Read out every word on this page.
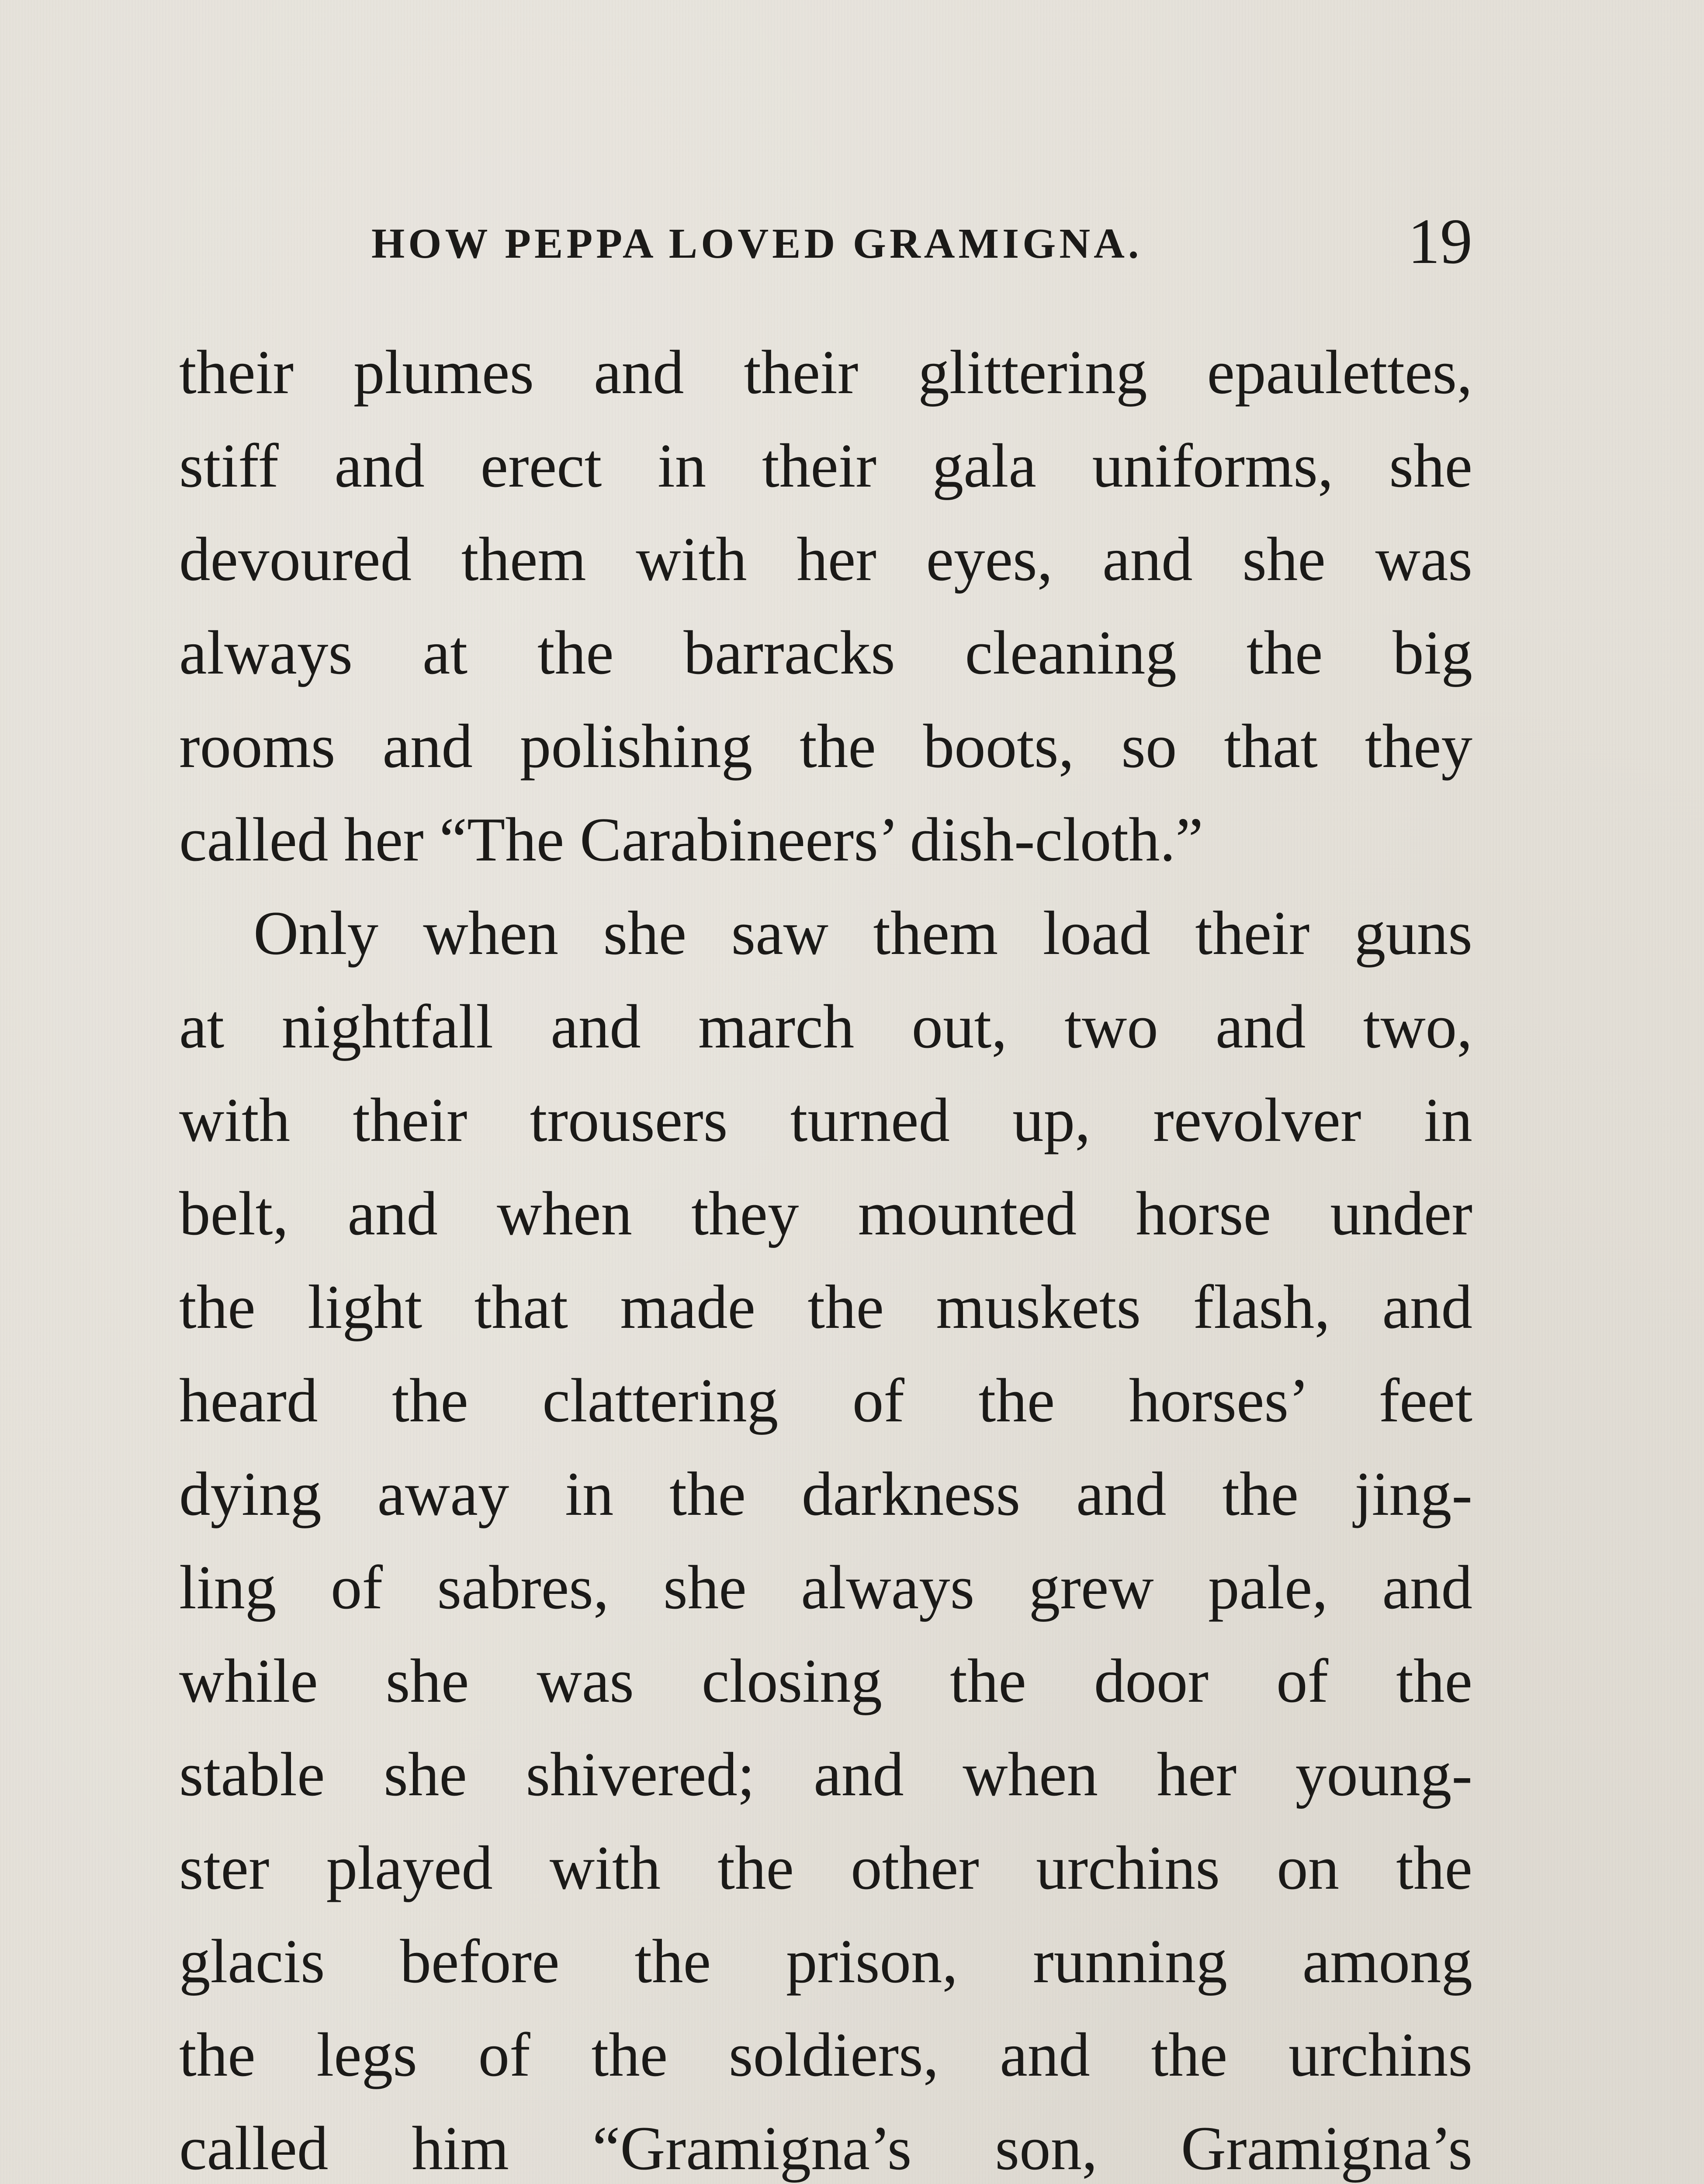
HOW PEPPA LOVED GRAMIGNA.	19
their plumes and their glittering epaulettes,
stiff and erect in their gala uniforms, she
devoured them with her eyes, and she was
always at the barracks cleaning the big
rooms and polishing the boots, so that they
called her “The Carabineers’ dish-cloth.”
Only when she saw them load their guns
at nightfall and march out, two and two,
with their trousers turned up, revolver in
belt, and when they mounted horse under
the light that made the muskets flash, and
heard the clattering of the horses’ feet
dying away in the darkness and the jing-
ling of sabres, she always grew pale, and
while she was closing the door of the
stable she shivered; and when her young-
ster played with the other urchins on the
glacis before the prison, running among
the legs of the soldiers, and the urchins
called him “Gramigna’s son, Gramigna’s
